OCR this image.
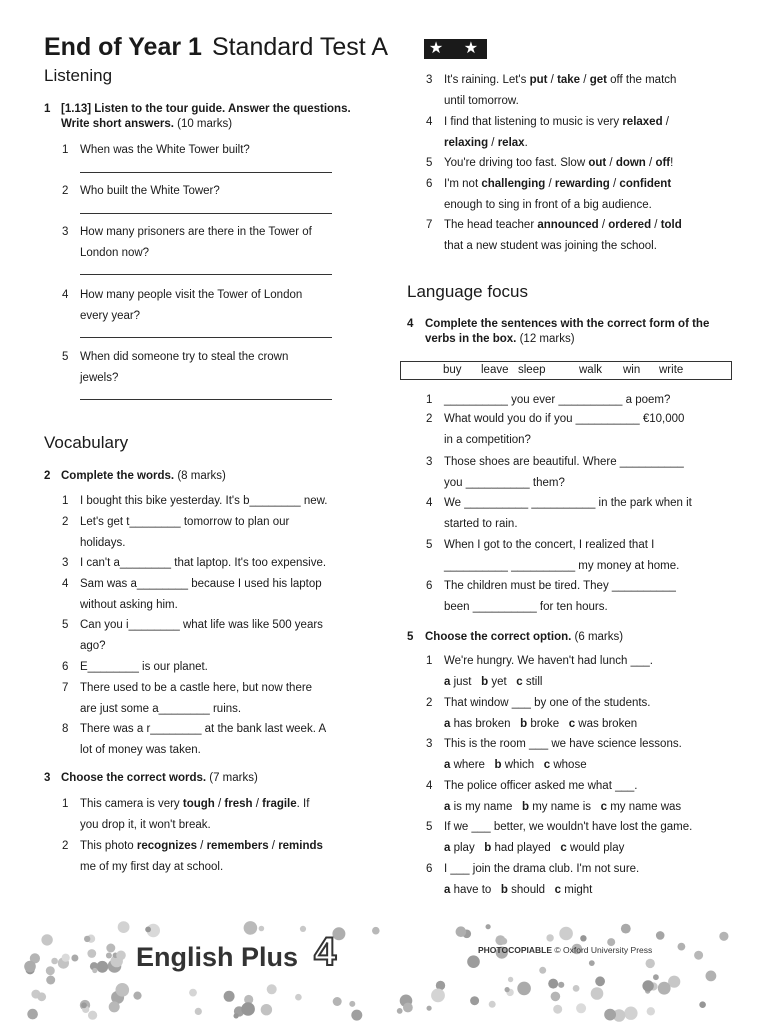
End of Year 1 Standard Test A	★ ★
Listening
1 [1.13] Listen to the tour guide. Answer the questions. Write short answers. (10 marks)
1 When was the White Tower built?
2 Who built the White Tower?
3 How many prisoners are there in the Tower of
London now?
4 How many people visit the Tower of London
every year?
5 When did someone try to steal the crown
jewels?
Vocabulary
2 Complete the words. (8 marks)
1 I bought this bike yesterday. It's b________ new.
2 Let's get t________ tomorrow to plan our
holidays.
3 I can't a________ that laptop. It's too expensive.
4 Sam was a________ because I used his laptop
without asking him.
5 Can you i________ what life was like 500 years
ago?
6 E________ is our planet.
7 There used to be a castle here, but now there
are just some a________ ruins.
8 There was a r________ at the bank last week. A
lot of money was taken.
3 Choose the correct words. (7 marks)
1 This camera is very tough / fresh / fragile. If
you drop it, it won't break.
2 This photo recognizes / remembers / reminds
me of my first day at school.
3 It's raining. Let's put / take / get off the match
until tomorrow.
4 I find that listening to music is very relaxed /
relaxing / relax.
5 You're driving too fast. Slow out / down / off!
6 I'm not challenging / rewarding / confident
enough to sing in front of a big audience.
7 The head teacher announced / ordered / told
that a new student was joining the school.
Language focus
4 Complete the sentences with the correct form of the verbs in the box. (12 marks)
buy leave sleep	walk win write
1 __________ you ever __________ a poem?
2 What would you do if you __________ €10,000
in a competition?
3 Those shoes are beautiful. Where __________
you __________ them?
4 We __________ __________ in the park when it
started to rain.
5 When I got to the concert, I realized that I
__________ __________ my money at home.
6 The children must be tired. They __________
been __________ for ten hours.
5 Choose the correct option. (6 marks)
1 We're hungry. We haven't had lunch ___.
a just b yet c still
2 That window ___ by one of the students.
a has broken b broke c was broken
3 This is the room ___ we have science lessons.
a where b which c whose
4 The police officer asked me what ___.
a is my name b my name is c my name was
5 If we ___ better, we wouldn't have lost the game.
a play b had played c would play
6 I ___ join the drama club. I'm not sure.
a have to b should c might
English Plus 4	PHOTOCOPIABLE © Oxford University Press
